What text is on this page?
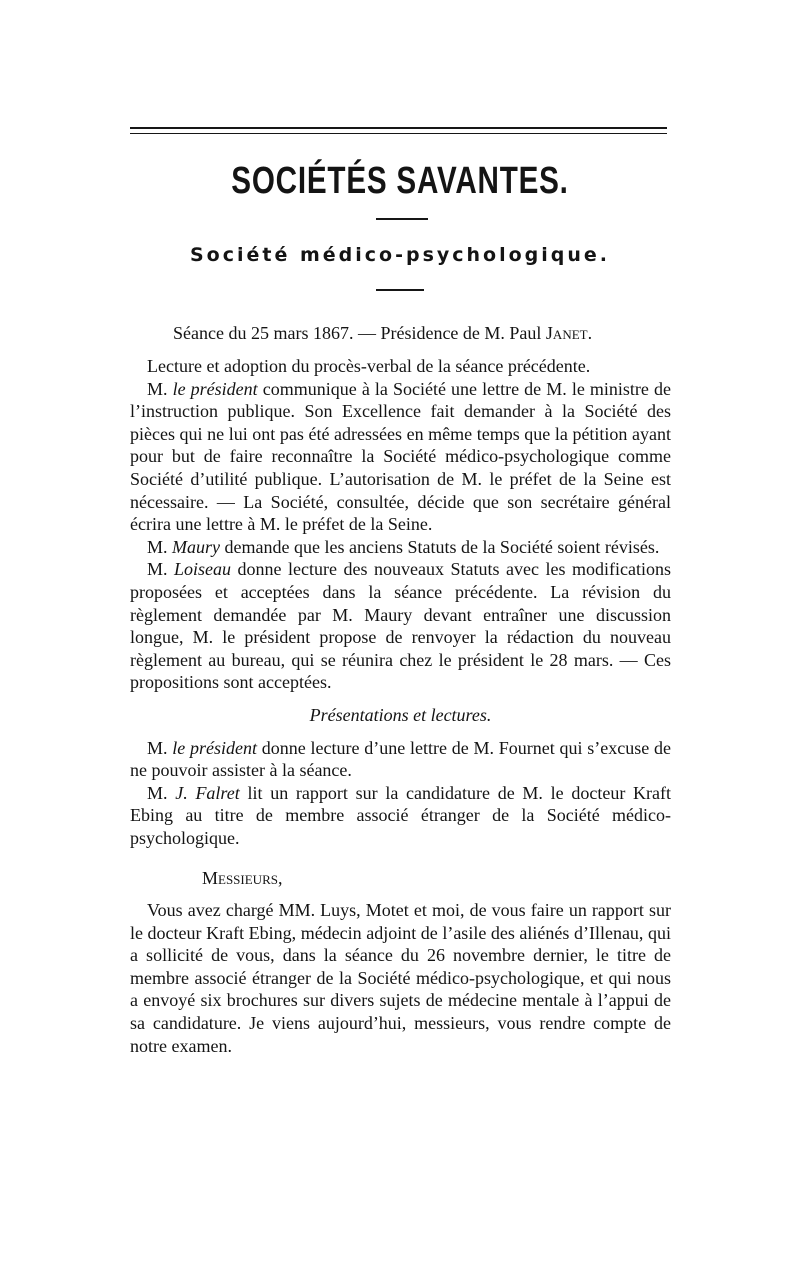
SOCIÉTÉS SAVANTES.
Société médico-psychologique.

Séance du 25 mars 1867. — Présidence de M. Paul Janet.

Lecture et adoption du procès-verbal de la séance précédente.

M. le président communique à la Société une lettre de M. le ministre de l’instruction publique. Son Excellence fait demander à la Société des pièces qui ne lui ont pas été adressées en même temps que la pétition ayant pour but de faire reconnaître la Société médico-psychologique comme Société d’utilité publique. L’autorisation de M. le préfet de la Seine est nécessaire. — La Société, consultée, décide que son secrétaire général écrira une lettre à M. le préfet de la Seine.

M. Maury demande que les anciens Statuts de la Société soient révisés.

M. Loiseau donne lecture des nouveaux Statuts avec les modifications proposées et acceptées dans la séance précédente. La révision du règlement demandée par M. Maury devant entraîner une discussion longue, M. le président propose de renvoyer la rédaction du nouveau règlement au bureau, qui se réunira chez le président le 28 mars. — Ces propositions sont acceptées.

Présentations et lectures.

M. le président donne lecture d’une lettre de M. Fournet qui s’excuse de ne pouvoir assister à la séance.

M. J. Falret lit un rapport sur la candidature de M. le docteur Kraft Ebing au titre de membre associé étranger de la Société médico-psychologique.

Messieurs,

Vous avez chargé MM. Luys, Motet et moi, de vous faire un rapport sur le docteur Kraft Ebing, médecin adjoint de l’asile des aliénés d’Illenau, qui a sollicité de vous, dans la séance du 26 novembre dernier, le titre de membre associé étranger de la Société médico-psychologique, et qui nous a envoyé six brochures sur divers sujets de médecine mentale à l’appui de sa candidature. Je viens aujourd’hui, messieurs, vous rendre compte de notre examen.
